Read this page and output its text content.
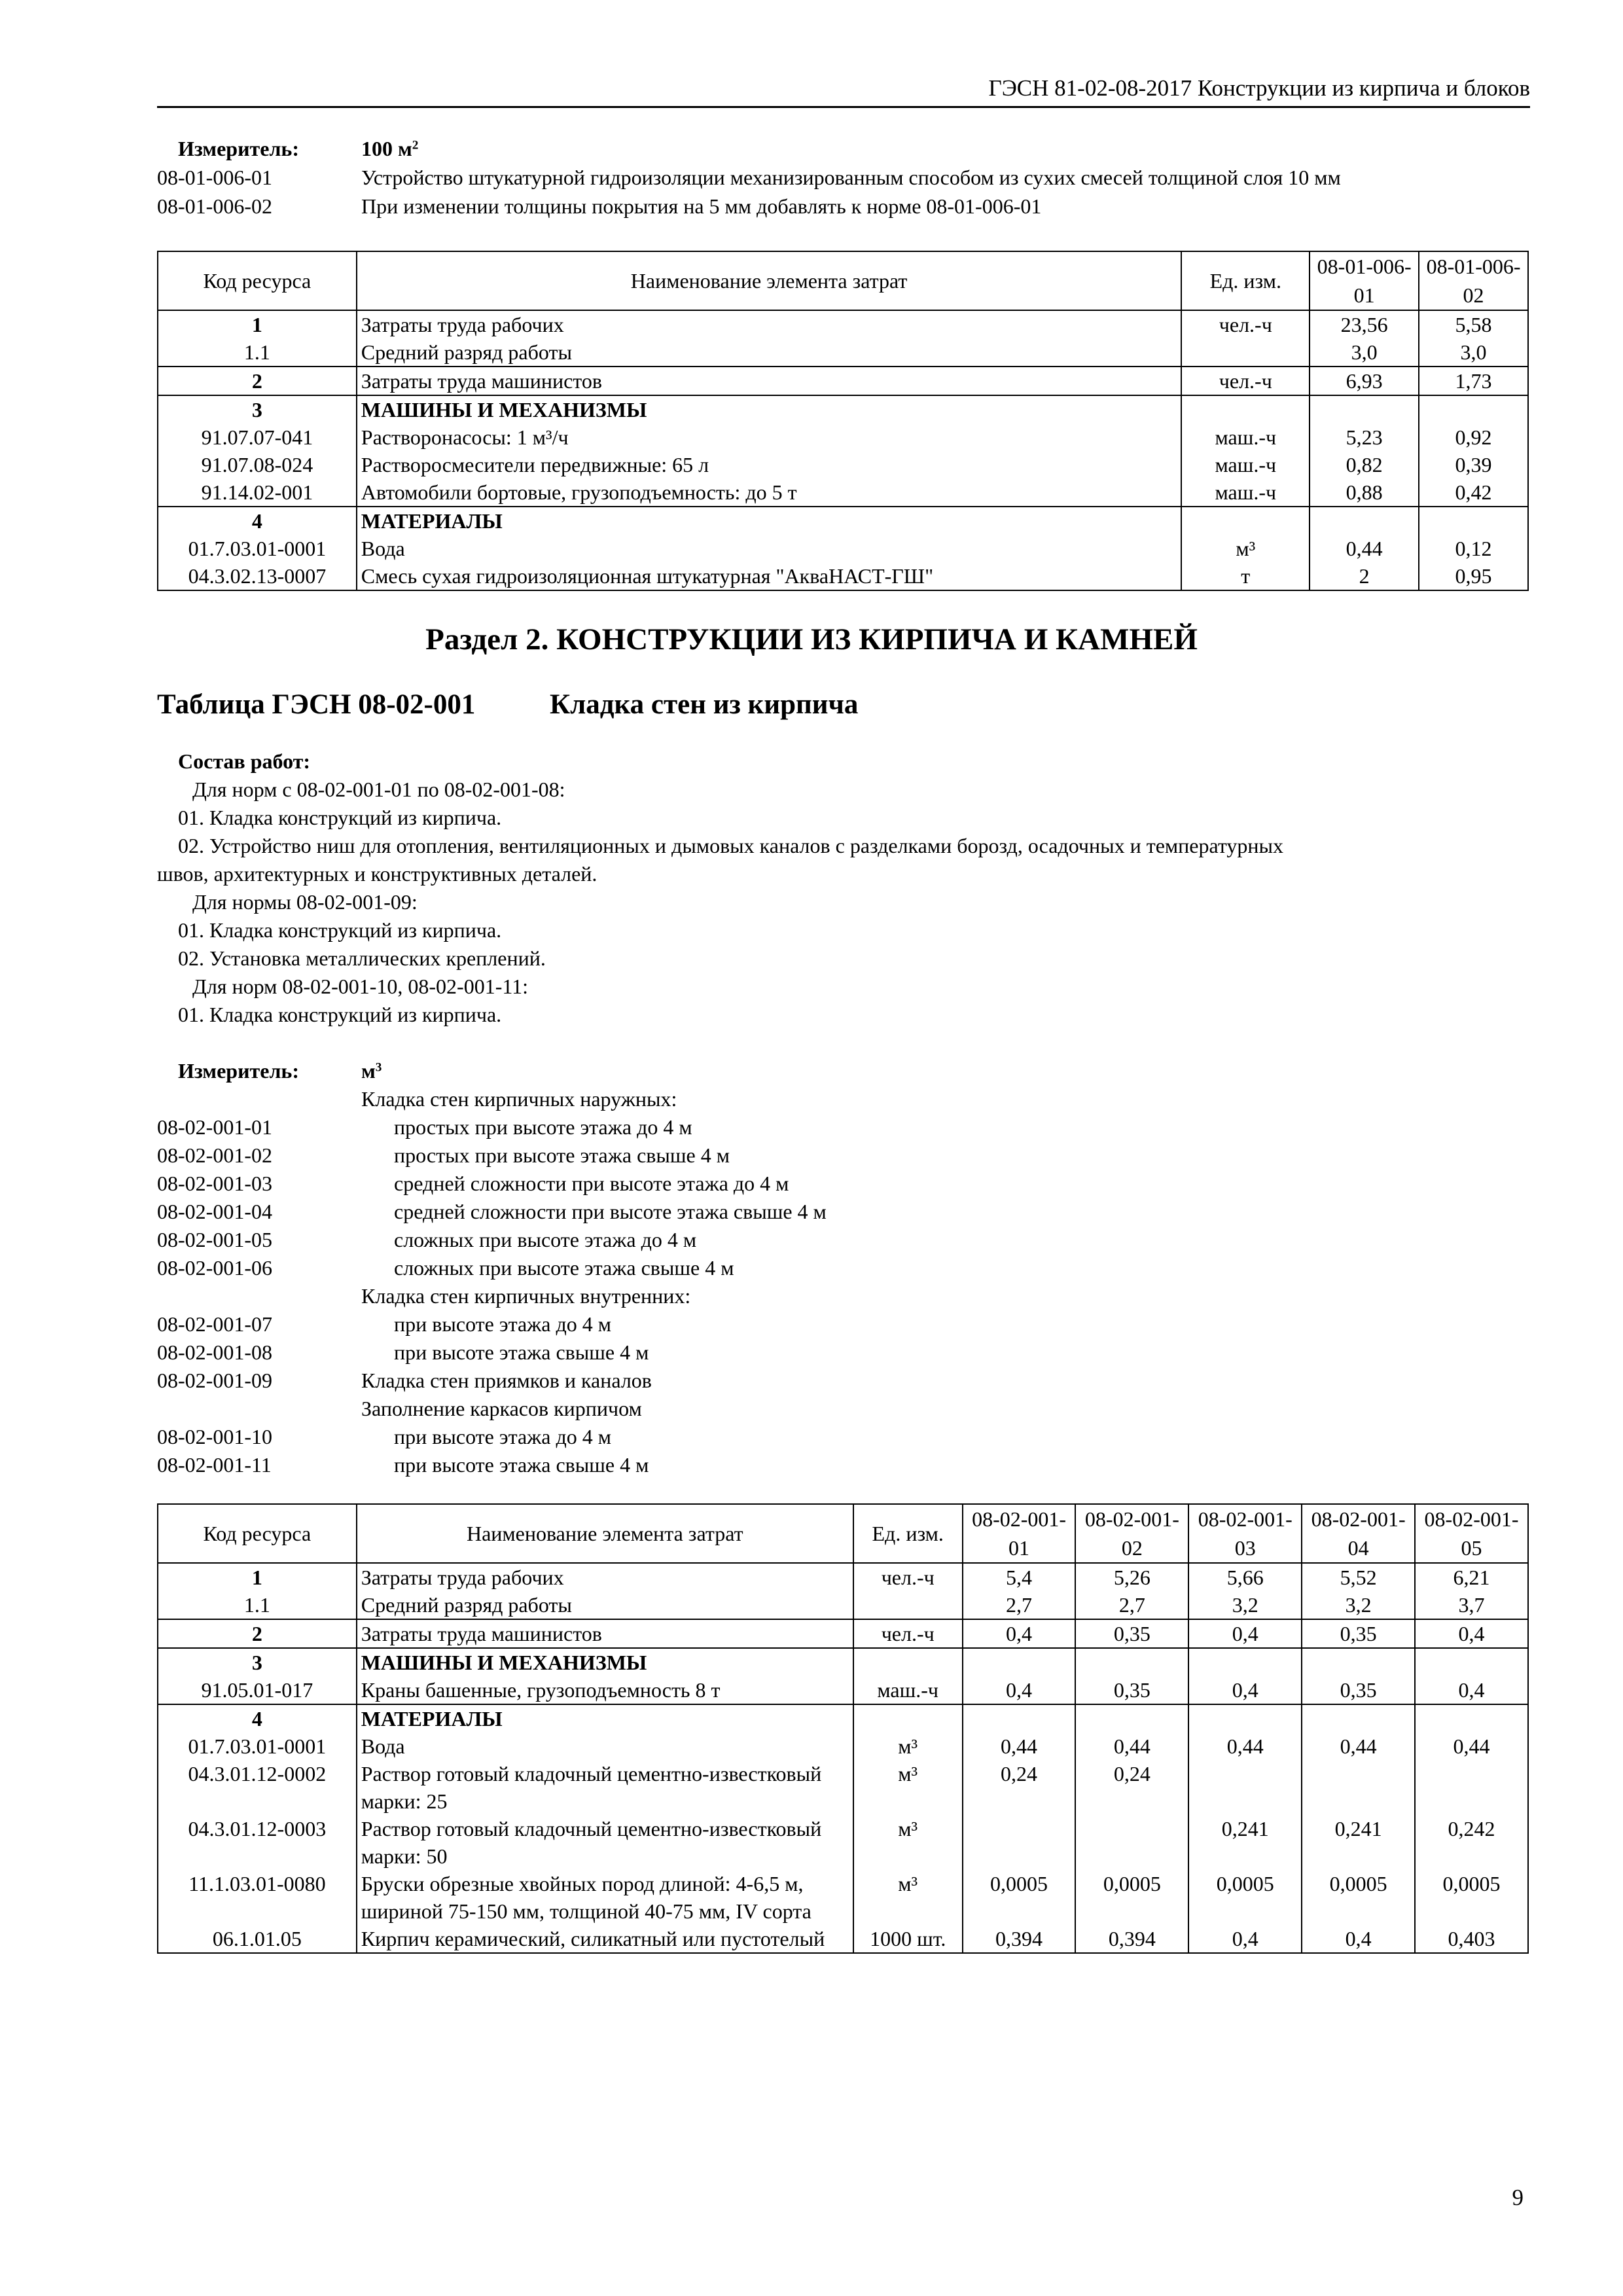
ГЭСН 81-02-08-2017 Конструкции из кирпича и блоков
Измеритель:	100 $м^2$
08-01-006-01	Устройство штукатурной гидроизоляции механизированным способом из сухих смесей толщиной слоя 10 мм
08-01-006-02	При изменении толщины покрытия на 5 мм добавлять к норме 08-01-006-01
Код ресурса	Наименование элемента затрат	Ед. изм.	08-01-006-01	08-01-006-02
1	Затраты труда рабочих	чел.-ч	23,56	5,58
1.1	Средний разряд работы		3,0	3,0
2	Затраты труда машинистов	чел.-ч	6,93	1,73
3	МАШИНЫ И МЕХАНИЗМЫ			
91.07.07-041	Растворонасосы: 1 м³/ч	маш.-ч	5,23	0,92
91.07.08-024	Растворосмесители передвижные: 65 л	маш.-ч	0,82	0,39
91.14.02-001	Автомобили бортовые, грузоподъемность: до 5 т	маш.-ч	0,88	0,42
4	МАТЕРИАЛЫ			
01.7.03.01-0001	Вода	м³	0,44	0,12
04.3.02.13-0007	Смесь сухая гидроизоляционная штукатурная "АкваНАСТ-ГШ"	т	2	0,95
Раздел 2. КОНСТРУКЦИИ ИЗ КИРПИЧА И КАМНЕЙ
Таблица ГЭСН 08-02-001	Кладка стен из кирпича
Состав работ:
Для норм с 08-02-001-01 по 08-02-001-08:
01. Кладка конструкций из кирпича.
02. Устройство ниш для отопления, вентиляционных и дымовых каналов с разделками борозд, осадочных и температурных
швов, архитектурных и конструктивных деталей.
Для нормы 08-02-001-09:
01. Кладка конструкций из кирпича.
02. Установка металлических креплений.
Для норм 08-02-001-10, 08-02-001-11:
01. Кладка конструкций из кирпича.
Измеритель:	$м^3$
Кладка стен кирпичных наружных:
08-02-001-01	простых при высоте этажа до 4 м
08-02-001-02	простых при высоте этажа свыше 4 м
08-02-001-03	средней сложности при высоте этажа до 4 м
08-02-001-04	средней сложности при высоте этажа свыше 4 м
08-02-001-05	сложных при высоте этажа до 4 м
08-02-001-06	сложных при высоте этажа свыше 4 м
Кладка стен кирпичных внутренних:
08-02-001-07	при высоте этажа до 4 м
08-02-001-08	при высоте этажа свыше 4 м
08-02-001-09	Кладка стен приямков и каналов
Заполнение каркасов кирпичом
08-02-001-10	при высоте этажа до 4 м
08-02-001-11	при высоте этажа свыше 4 м
Код ресурса	Наименование элемента затрат	Ед. изм.	08-02-001-01	08-02-001-02	08-02-001-03	08-02-001-04	08-02-001-05
1	Затраты труда рабочих	чел.-ч	5,4	5,26	5,66	5,52	6,21
1.1	Средний разряд работы		2,7	2,7	3,2	3,2	3,7
2	Затраты труда машинистов	чел.-ч	0,4	0,35	0,4	0,35	0,4
3	МАШИНЫ И МЕХАНИЗМЫ						
91.05.01-017	Краны башенные, грузоподъемность 8 т	маш.-ч	0,4	0,35	0,4	0,35	0,4
4	МАТЕРИАЛЫ						
01.7.03.01-0001	Вода	м³	0,44	0,44	0,44	0,44	0,44
04.3.01.12-0002	Раствор готовый кладочный цементно-известковый марки: 25	м³	0,24	0,24			
04.3.01.12-0003	Раствор готовый кладочный цементно-известковый марки: 50	м³			0,241	0,241	0,242
11.1.03.01-0080	Бруски обрезные хвойных пород длиной: 4-6,5 м, шириной 75-150 мм, толщиной 40-75 мм, IV сорта	м³	0,0005	0,0005	0,0005	0,0005	0,0005
06.1.01.05	Кирпич керамический, силикатный или пустотелый	1000 шт.	0,394	0,394	0,4	0,4	0,403
9
